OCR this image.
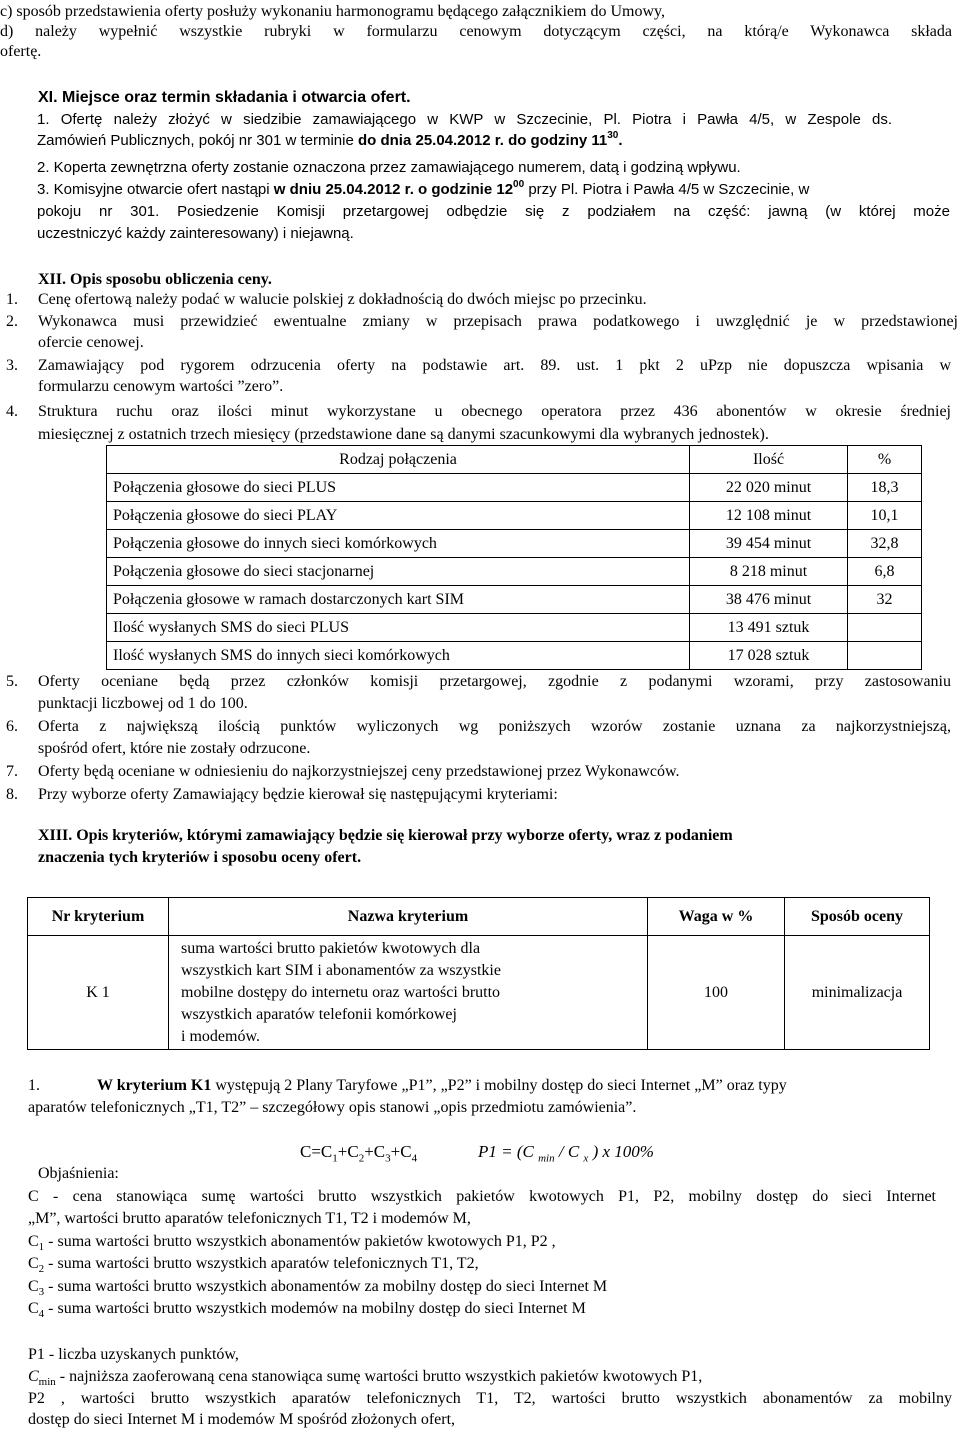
c) sposób przedstawienia oferty posłuży wykonaniu harmonogramu będącego załącznikiem do Umowy,
d) należy wypełnić wszystkie rubryki w formularzu cenowym dotyczącym części, na którą/e Wykonawca składa
ofertę.
XI. Miejsce oraz termin składania i otwarcia ofert.
1. Ofertę należy złożyć w siedzibie zamawiającego w KWP w Szczecinie, Pl. Piotra i Pawła 4/5, w Zespole ds.
Zamówień Publicznych, pokój nr 301 w terminie do dnia 25.04.2012 r. do godziny $11^{30}$.
2. Koperta zewnętrzna oferty zostanie oznaczona przez zamawiającego numerem, datą i godziną wpływu.
3. Komisyjne otwarcie ofert nastąpi w dniu 25.04.2012 r. o godzinie $12^{00}$ przy Pl. Piotra i Pawła 4/5 w Szczecinie, w
pokoju nr 301. Posiedzenie Komisji przetargowej odbędzie się z podziałem na część: jawną (w której może
uczestniczyć każdy zainteresowany) i niejawną.
XII. Opis sposobu obliczenia ceny.
1. Cenę ofertową należy podać w walucie polskiej z dokładnością do dwóch miejsc po przecinku.
2. Wykonawca musi przewidzieć ewentualne zmiany w przepisach prawa podatkowego i uwzględnić je w przedstawionej
ofercie cenowej.
3. Zamawiający pod rygorem odrzucenia oferty na podstawie art. 89. ust. 1 pkt 2 uPzp nie dopuszcza wpisania w
formularzu cenowym wartości ”zero”.
4. Struktura ruchu oraz ilości minut wykorzystane u obecnego operatora przez 436 abonentów w okresie średniej
miesięcznej z ostatnich trzech miesięcy (przedstawione dane są danymi szacunkowymi dla wybranych jednostek).
Rodzaj połączenia	Ilość	%
Połączenia głosowe do sieci PLUS	22 020 minut	18,3
Połączenia głosowe do sieci PLAY	12 108 minut	10,1
Połączenia głosowe do innych sieci komórkowych	39 454 minut	32,8
Połączenia głosowe do sieci stacjonarnej	8 218 minut	6,8
Połączenia głosowe w ramach dostarczonych kart SIM	38 476 minut	32
Ilość wysłanych SMS do sieci PLUS	13 491 sztuk	
Ilość wysłanych SMS do innych sieci komórkowych	17 028 sztuk	
5. Oferty oceniane będą przez członków komisji przetargowej, zgodnie z podanymi wzorami, przy zastosowaniu
punktacji liczbowej od 1 do 100.
6. Oferta z największą ilością punktów wyliczonych wg poniższych wzorów zostanie uznana za najkorzystniejszą,
spośród ofert, które nie zostały odrzucone.
7. Oferty będą oceniane w odniesieniu do najkorzystniejszej ceny przedstawionej przez Wykonawców.
8. Przy wyborze oferty Zamawiający będzie kierował się następującymi kryteriami:
XIII. Opis kryteriów, którymi zamawiający będzie się kierował przy wyborze oferty, wraz z podaniem
znaczenia tych kryteriów i sposobu oceny ofert.
Nr kryterium	Nazwa kryterium	Waga w %	Sposób oceny
K 1	suma wartości brutto pakietów kwotowych dla
wszystkich kart SIM i abonamentów za wszystkie
mobilne dostępy do internetu oraz wartości brutto
wszystkich aparatów telefonii komórkowej
i modemów.	100	minimalizacja
1.	W kryterium K1 występują 2 Plany Taryfowe „P1”, „P2” i mobilny dostęp do sieci Internet „M” oraz typy
aparatów telefonicznych „T1, T2” – szczegółowy opis stanowi „opis przedmiotu zamówienia”.
$C=C_1+C_2+C_3+C_4$	P1 = (C $_{min}$ / C $_x$ ) x 100%
Objaśnienia:
C - cena stanowiąca sumę wartości brutto wszystkich pakietów kwotowych P1, P2, mobilny dostęp do sieci Internet
„M”, wartości brutto aparatów telefonicznych T1, T2 i modemów M,
$C_1$ - suma wartości brutto wszystkich abonamentów pakietów kwotowych P1, P2 ,
$C_2$ - suma wartości brutto wszystkich aparatów telefonicznych T1, T2,
$C_3$ - suma wartości brutto wszystkich abonamentów za mobilny dostęp do sieci Internet M
$C_4$ - suma wartości brutto wszystkich modemów na mobilny dostęp do sieci Internet M
P1 - liczba uzyskanych punktów,
$C_{min}$ - najniższa zaoferowaną cena stanowiąca sumę wartości brutto wszystkich pakietów kwotowych P1,
P2 , wartości brutto wszystkich aparatów telefonicznych T1, T2, wartości brutto wszystkich abonamentów za mobilny
dostęp do sieci Internet M i modemów M spośród złożonych ofert,
